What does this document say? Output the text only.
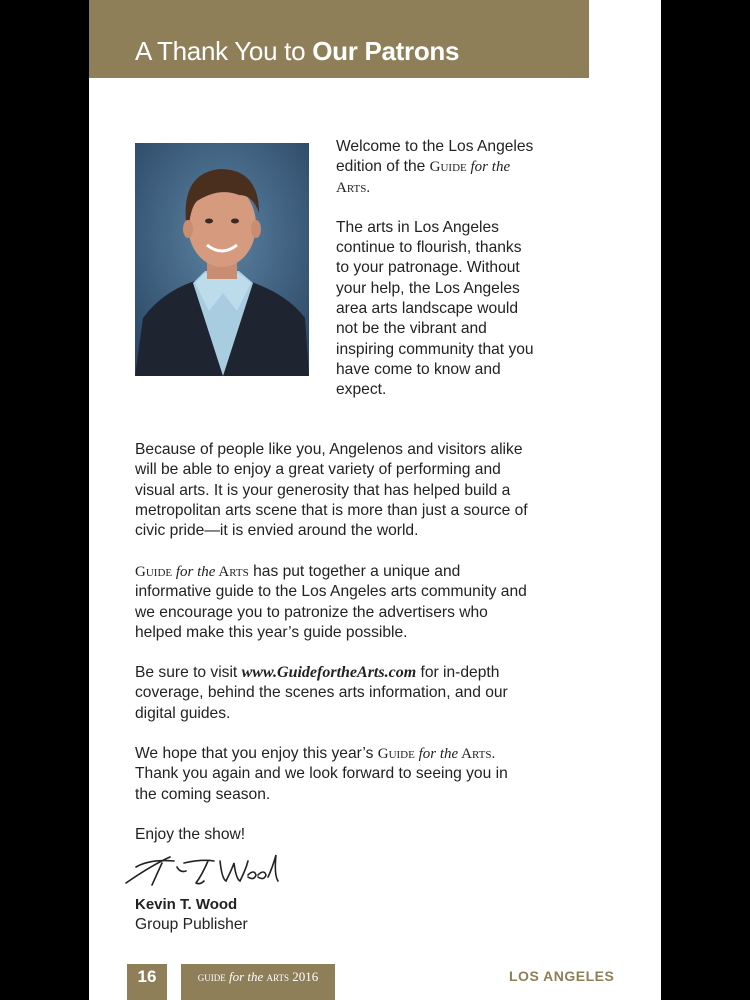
A Thank You to Our Patrons

Welcome to the Los Angeles edition of the Guide for the Arts.

The arts in Los Angeles continue to flourish, thanks to your patronage. Without your help, the Los Angeles area arts landscape would not be the vibrant and inspiring community that you have come to know and expect.

Because of people like you, Angelenos and visitors alike will be able to enjoy a great variety of performing and visual arts. It is your generosity that has helped build a metropolitan arts scene that is more than just a source of civic pride—it is envied around the world.
Guide for the Arts has put together a unique and informative guide to the Los Angeles arts community and we encourage you to patronize the advertisers who helped make this year’s guide possible.
Be sure to visit www.GuidefortheArts.com for in-depth coverage, behind the scenes arts information, and our digital guides.
We hope that you enjoy this year’s Guide for the Arts. Thank you again and we look forward to seeing you in the coming season.
Enjoy the show!
Kevin T. Wood
Group Publisher
16	guide for the arts 2016	LOS ANGELES
